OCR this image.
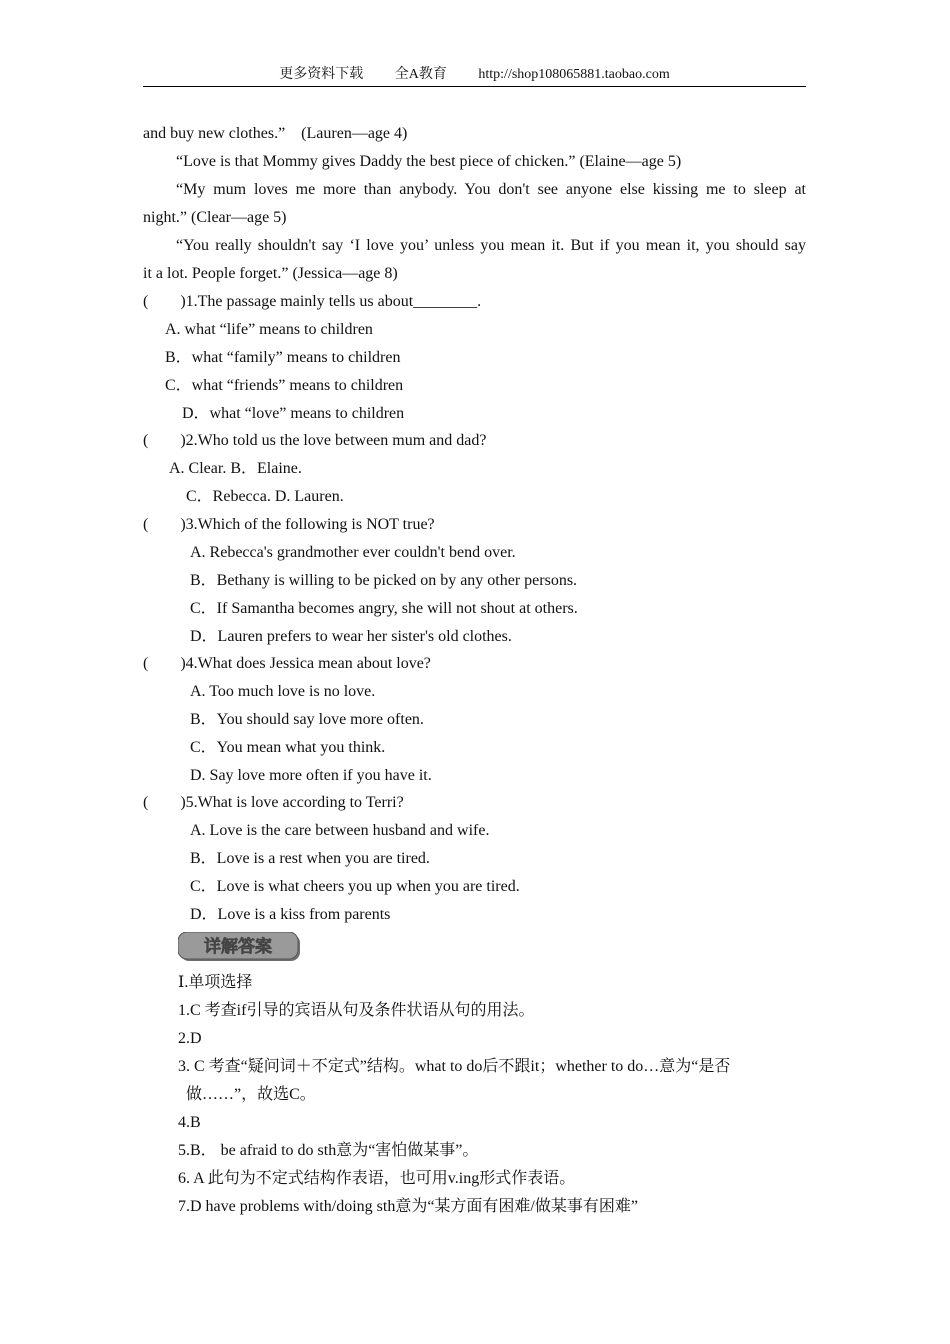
更多资料下载 全A教育 http://shop108065881.taobao.com
and buy new clothes.”　(Lauren—age 4)
“Love is that Mommy gives Daddy the best piece of chicken.” (Elaine—age 5)
“My mum loves me more than anybody. You don't see anyone else kissing me to sleep at
night.” (Clear—age 5)
“You really shouldn't say ‘I love you’ unless you mean it. But if you mean it, you should say
it a lot. People forget.” (Jessica—age 8)
(　　)1.The passage mainly tells us about________.
A. what “life” means to children
B．what “family” means to children
C．what “friends” means to children
D．what “love” means to children
(　　)2.Who told us the love between mum and dad?
A. Clear. B．Elaine.
C．Rebecca. D. Lauren.
(　　)3.Which of the following is NOT true?
A. Rebecca's grandmother ever couldn't bend over.
B．Bethany is willing to be picked on by any other persons.
C．If Samantha becomes angry, she will not shout at others.
D．Lauren prefers to wear her sister's old clothes.
(　　)4.What does Jessica mean about love?
A. Too much love is no love.
B．You should say love more often.
C．You mean what you think.
D. Say love more often if you have it.
(　　)5.What is love according to Terri?
A. Love is the care between husband and wife.
B．Love is a rest when you are tired.
C．Love is what cheers you up when you are tired.
D．Love is a kiss from parents
详解答案
Ⅰ.单项选择
1.C 考查if引导的宾语从句及条件状语从句的用法。
2.D
3. C 考查“疑问词＋不定式”结构。what to do后不跟it；whether to do…意为“是否
做……”，故选C。
4.B
5.B． be afraid to do sth意为“害怕做某事”。
6. A 此句为不定式结构作表语，也可用v.ing形式作表语。
7.D have problems with/doing sth意为“某方面有困难/做某事有困难”
